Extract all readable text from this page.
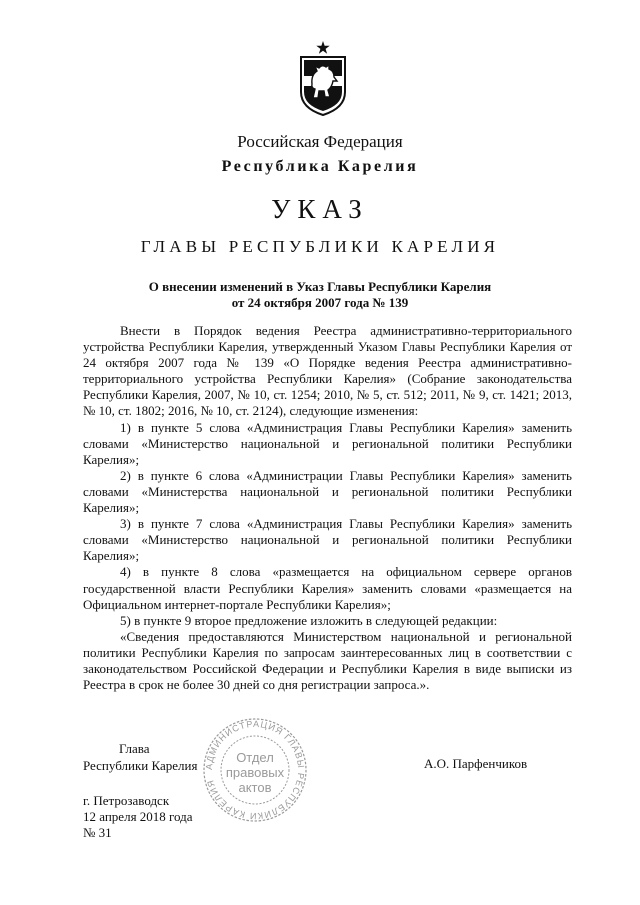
Российская Федерация
Республика Карелия
УКАЗ
ГЛАВЫ РЕСПУБЛИКИ КАРЕЛИЯ
О внесении изменений в Указ Главы Республики Карелия
от 24 октября 2007 года № 139

Внести в Порядок ведения Реестра административно-территориального устройства Республики Карелия, утвержденный Указом Главы Республики Карелия от 24 октября 2007 года № 139 «О Порядке ведения Реестра административно-территориального устройства Республики Карелия» (Собрание законодательства Республики Карелия, 2007, № 10, ст. 1254; 2010, № 5, ст. 512; 2011, № 9, ст. 1421; 2013, № 10, ст. 1802; 2016, № 10, ст. 2124), следующие изменения:

1) в пункте 5 слова «Администрация Главы Республики Карелия» заменить словами «Министерство национальной и региональной политики Республики Карелия»;

2) в пункте 6 слова «Администрации Главы Республики Карелия» заменить словами «Министерства национальной и региональной политики Республики Карелия»;

3) в пункте 7 слова «Администрация Главы Республики Карелия» заменить словами «Министерство национальной и региональной политики Республики Карелия»;

4) в пункте 8 слова «размещается на официальном сервере органов государственной власти Республики Карелия» заменить словами «размещается на Официальном интернет-портале Республики Карелия»;

5) в пункте 9 второе предложение изложить в следующей редакции:

«Сведения предоставляются Министерством национальной и региональной политики Республики Карелия по запросам заинтересованных лиц в соответствии с законодательством Российской Федерации и Республики Карелия в виде выписки из Реестра в срок не более 30 дней со дня регистрации запроса.».

Глава
Республики Карелия	А.О. Парфенчиков
АДМИНИСТРАЦИЯ ГЛАВЫ РЕСПУБЛИКИ КАРЕЛИЯ
Отдел
правовых
актов
г. Петрозаводск
12 апреля 2018 года
№ 31
